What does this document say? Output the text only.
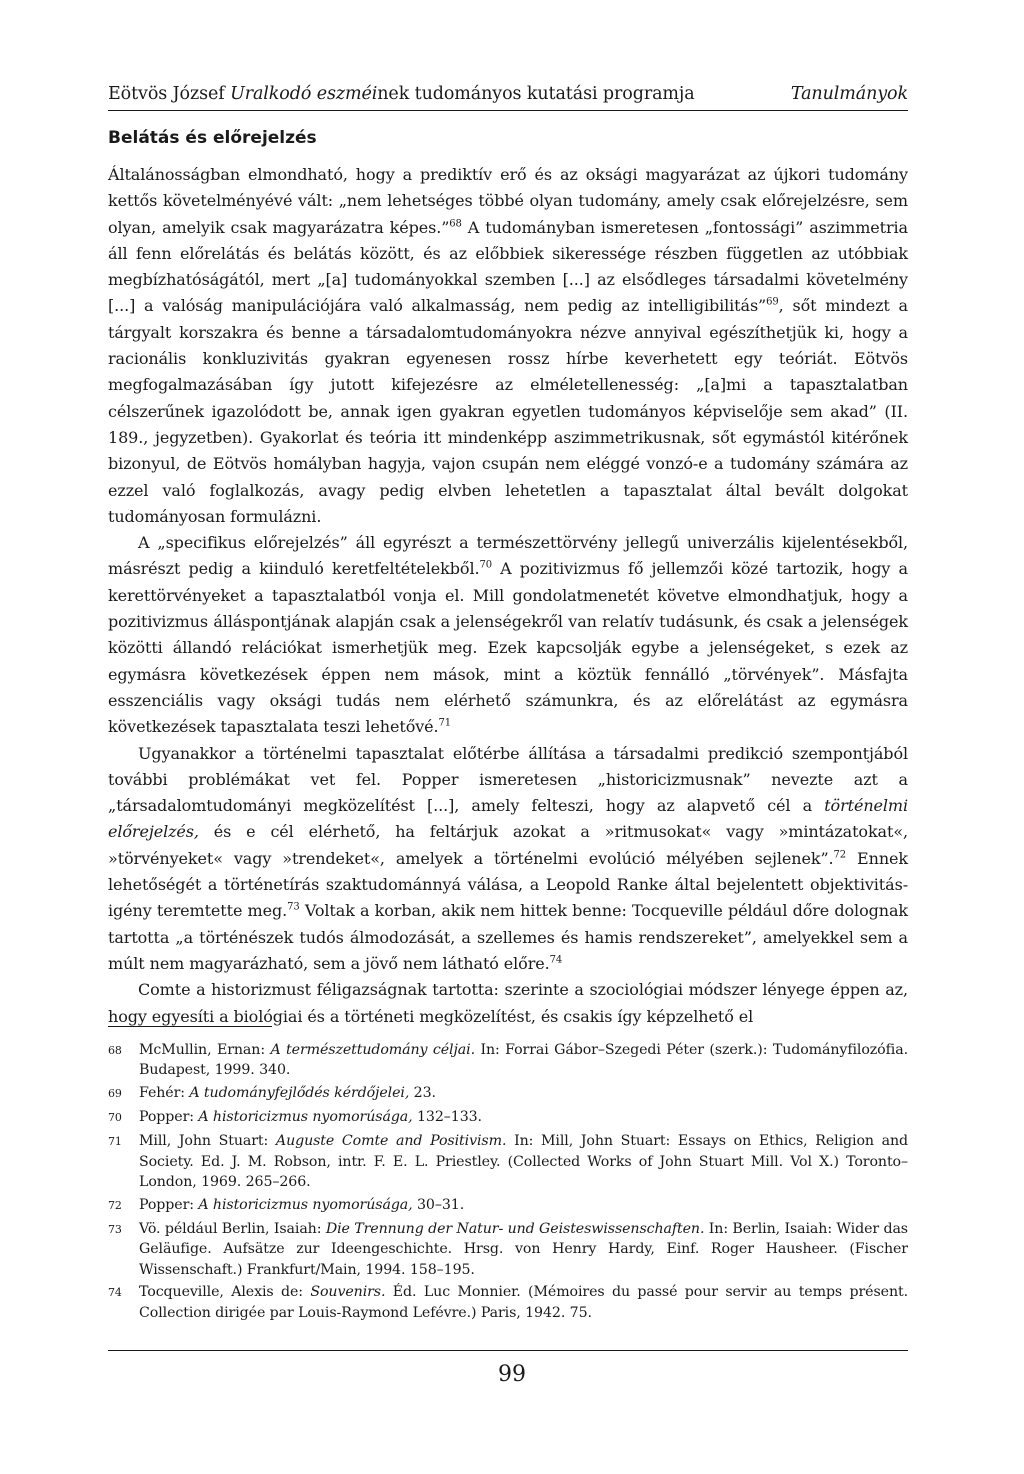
Eötvös József Uralkodó eszméinek tudományos kutatási programja	Tanulmányok
Belátás és előrejelzés

Általánosságban elmondható, hogy a prediktív erő és az oksági magyarázat az újkori tudomány kettős követelményévé vált: „nem lehetséges többé olyan tudomány, amely csak előrejelzésre, sem olyan, amelyik csak magyarázatra képes.”$^{68}$ A tudományban ismeretesen „fontossági” aszimmetria áll fenn előrelátás és belátás között, és az előbbiek sikeressége részben független az utóbbiak megbízhatóságától, mert „[a] tudományokkal szemben [...] az elsődleges társadalmi követelmény [...] a valóság manipulációjára való alkalmasság, nem pedig az intelligibilitás”$^{69}$, sőt mindezt a tárgyalt korszakra és benne a társadalomtudományokra nézve annyival egészíthetjük ki, hogy a racionális konkluzivitás gyakran egyenesen rossz hírbe keverhetett egy teóriát. Eötvös megfogalmazásában így jutott kifejezésre az elméletellenesség: „[a]mi a tapasztalatban célszerűnek igazolódott be, annak igen gyakran egyetlen tudományos képviselője sem akad” (II. 189., jegyzetben). Gyakorlat és teória itt mindenképp aszimmetrikusnak, sőt egymástól kitérőnek bizonyul, de Eötvös homályban hagyja, vajon csupán nem eléggé vonzó-e a tudomány számára az ezzel való foglalkozás, avagy pedig elvben lehetetlen a tapasztalat által bevált dolgokat tudományosan formulázni.

A „specifikus előrejelzés” áll egyrészt a természettörvény jellegű univerzális kijelentésekből, másrészt pedig a kiinduló keretfeltételekből.$^{70}$ A pozitivizmus fő jellemzői közé tartozik, hogy a kerettörvényeket a tapasztalatból vonja el. Mill gondolatmenetét követve elmondhatjuk, hogy a pozitivizmus álláspontjának alapján csak a jelenségekről van relatív tudásunk, és csak a jelenségek közötti állandó relációkat ismerhetjük meg. Ezek kapcsolják egybe a jelenségeket, s ezek az egymásra következések éppen nem mások, mint a köztük fennálló „törvények”. Másfajta esszenciális vagy oksági tudás nem elérhető számunkra, és az előrelátást az egymásra következések tapasztalata teszi lehetővé.$^{71}$

Ugyanakkor a történelmi tapasztalat előtérbe állítása a társadalmi predikció szempontjából további problémákat vet fel. Popper ismeretesen „historicizmusnak” nevezte azt a „társadalomtudományi megközelítést [...], amely felteszi, hogy az alapvető cél a történelmi előrejelzés, és e cél elérhető, ha feltárjuk azokat a »ritmusokat« vagy »mintázatokat«, »törvényeket« vagy »trendeket«, amelyek a történelmi evolúció mélyében sejlenek”.$^{72}$ Ennek lehetőségét a történetírás szaktudománnyá válása, a Leopold Ranke által bejelentett objektivitás-igény teremtette meg.$^{73}$ Voltak a korban, akik nem hittek benne: Tocqueville például dőre dolognak tartotta „a történészek tudós álmodozását, a szellemes és hamis rendszereket”, amelyekkel sem a múlt nem magyarázható, sem a jövő nem látható előre.$^{74}$

Comte a historizmust féligazságnak tartotta: szerinte a szociológiai módszer lényege éppen az, hogy egyesíti a biológiai és a történeti megközelítést, és csakis így képzelhető el

68	McMullin, Ernan: A természettudomány céljai. In: Forrai Gábor–Szegedi Péter (szerk.): Tudományfilozófia. Budapest, 1999. 340.
69	Fehér: A tudományfejlődés kérdőjelei, 23.
70	Popper: A historicizmus nyomorúsága, 132–133.
71	Mill, John Stuart: Auguste Comte and Positivism. In: Mill, John Stuart: Essays on Ethics, Religion and Society. Ed. J. M. Robson, intr. F. E. L. Priestley. (Collected Works of John Stuart Mill. Vol X.) Toronto–London, 1969. 265–266.
72	Popper: A historicizmus nyomorúsága, 30–31.
73	Vö. például Berlin, Isaiah: Die Trennung der Natur- und Geisteswissenschaften. In: Berlin, Isaiah: Wider das Geläufige. Aufsätze zur Ideengeschichte. Hrsg. von Henry Hardy, Einf. Roger Hausheer. (Fischer Wissenschaft.) Frankfurt/Main, 1994. 158–195.
74	Tocqueville, Alexis de: Souvenirs. Éd. Luc Monnier. (Mémoires du passé pour servir au temps présent. Collection dirigée par Louis-Raymond Lefévre.) Paris, 1942. 75.
99
